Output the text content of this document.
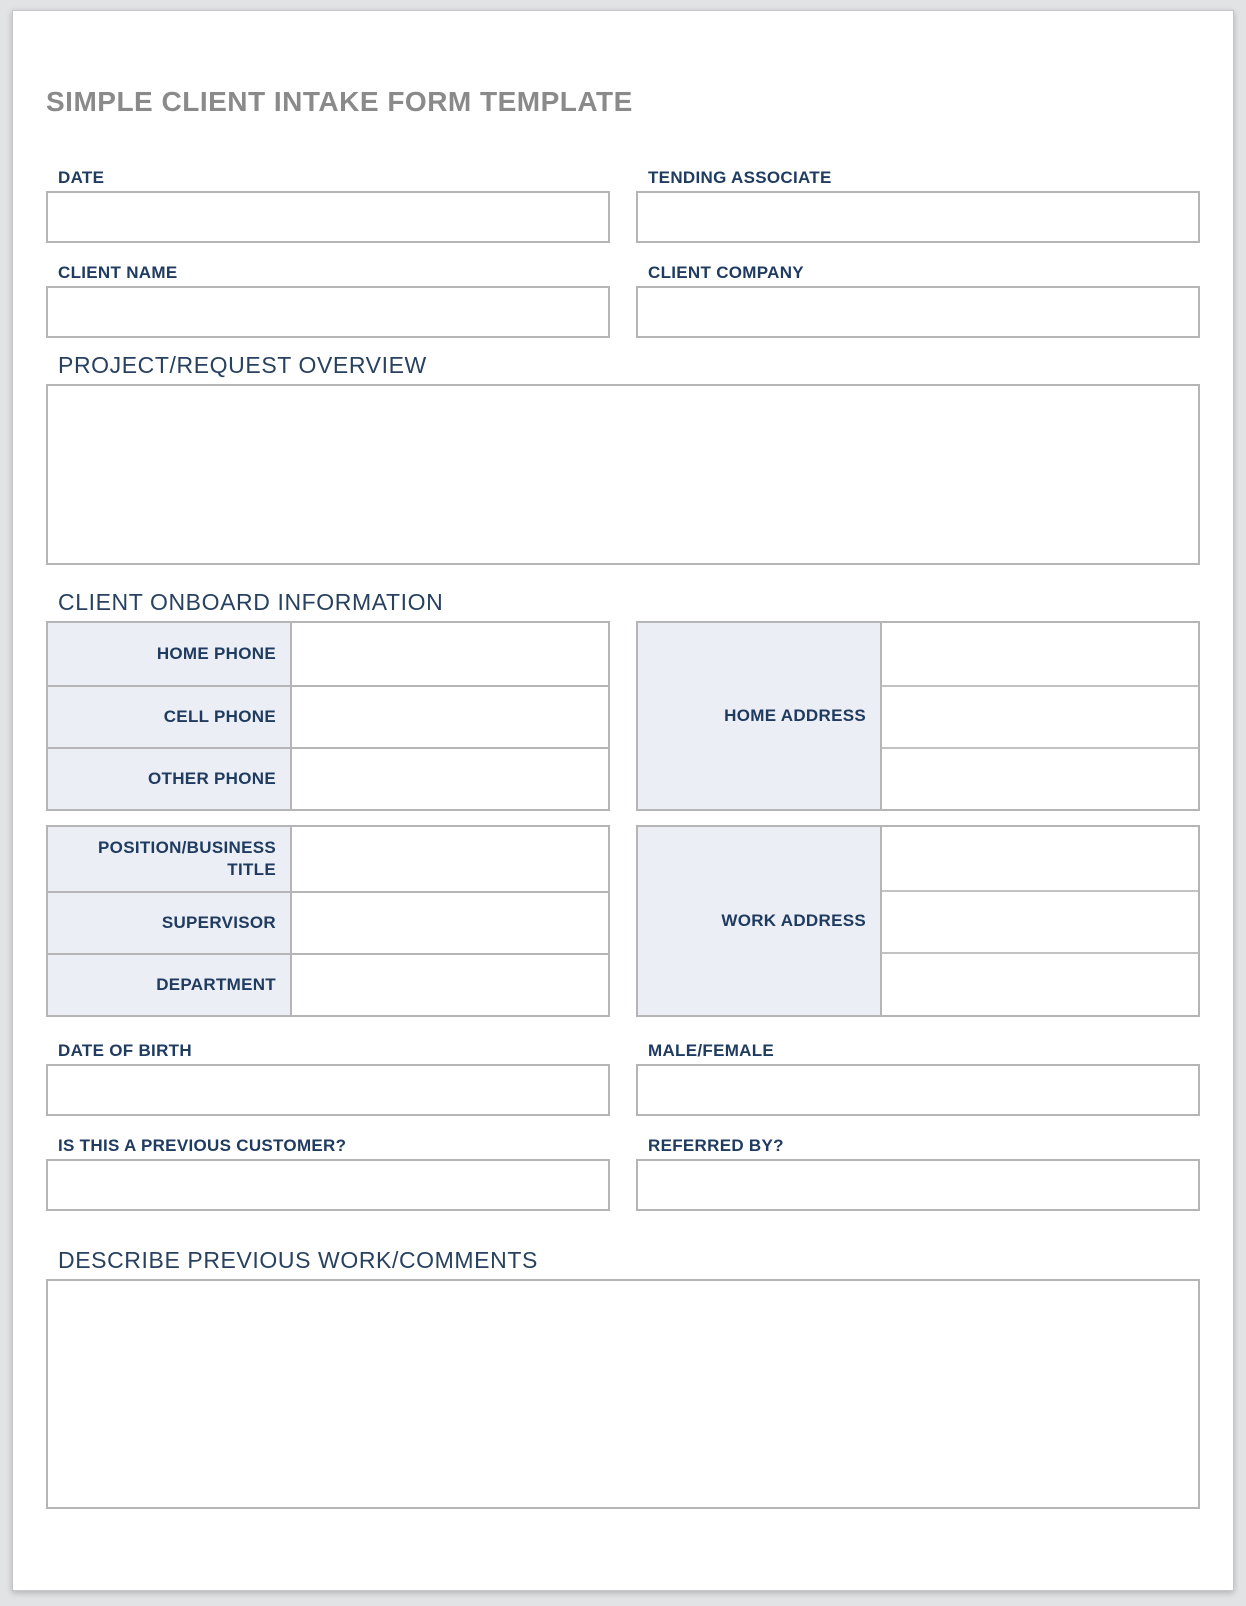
SIMPLE CLIENT INTAKE FORM TEMPLATE
DATE	TENDING ASSOCIATE
CLIENT NAME	CLIENT COMPANY
PROJECT/REQUEST OVERVIEW
CLIENT ONBOARD INFORMATION
HOME PHONE
CELL PHONE
OTHER PHONE
HOME ADDRESS
POSITION/BUSINESS TITLE
SUPERVISOR
DEPARTMENT
WORK ADDRESS
DATE OF BIRTH	MALE/FEMALE
IS THIS A PREVIOUS CUSTOMER?	REFERRED BY?
DESCRIBE PREVIOUS WORK/COMMENTS
